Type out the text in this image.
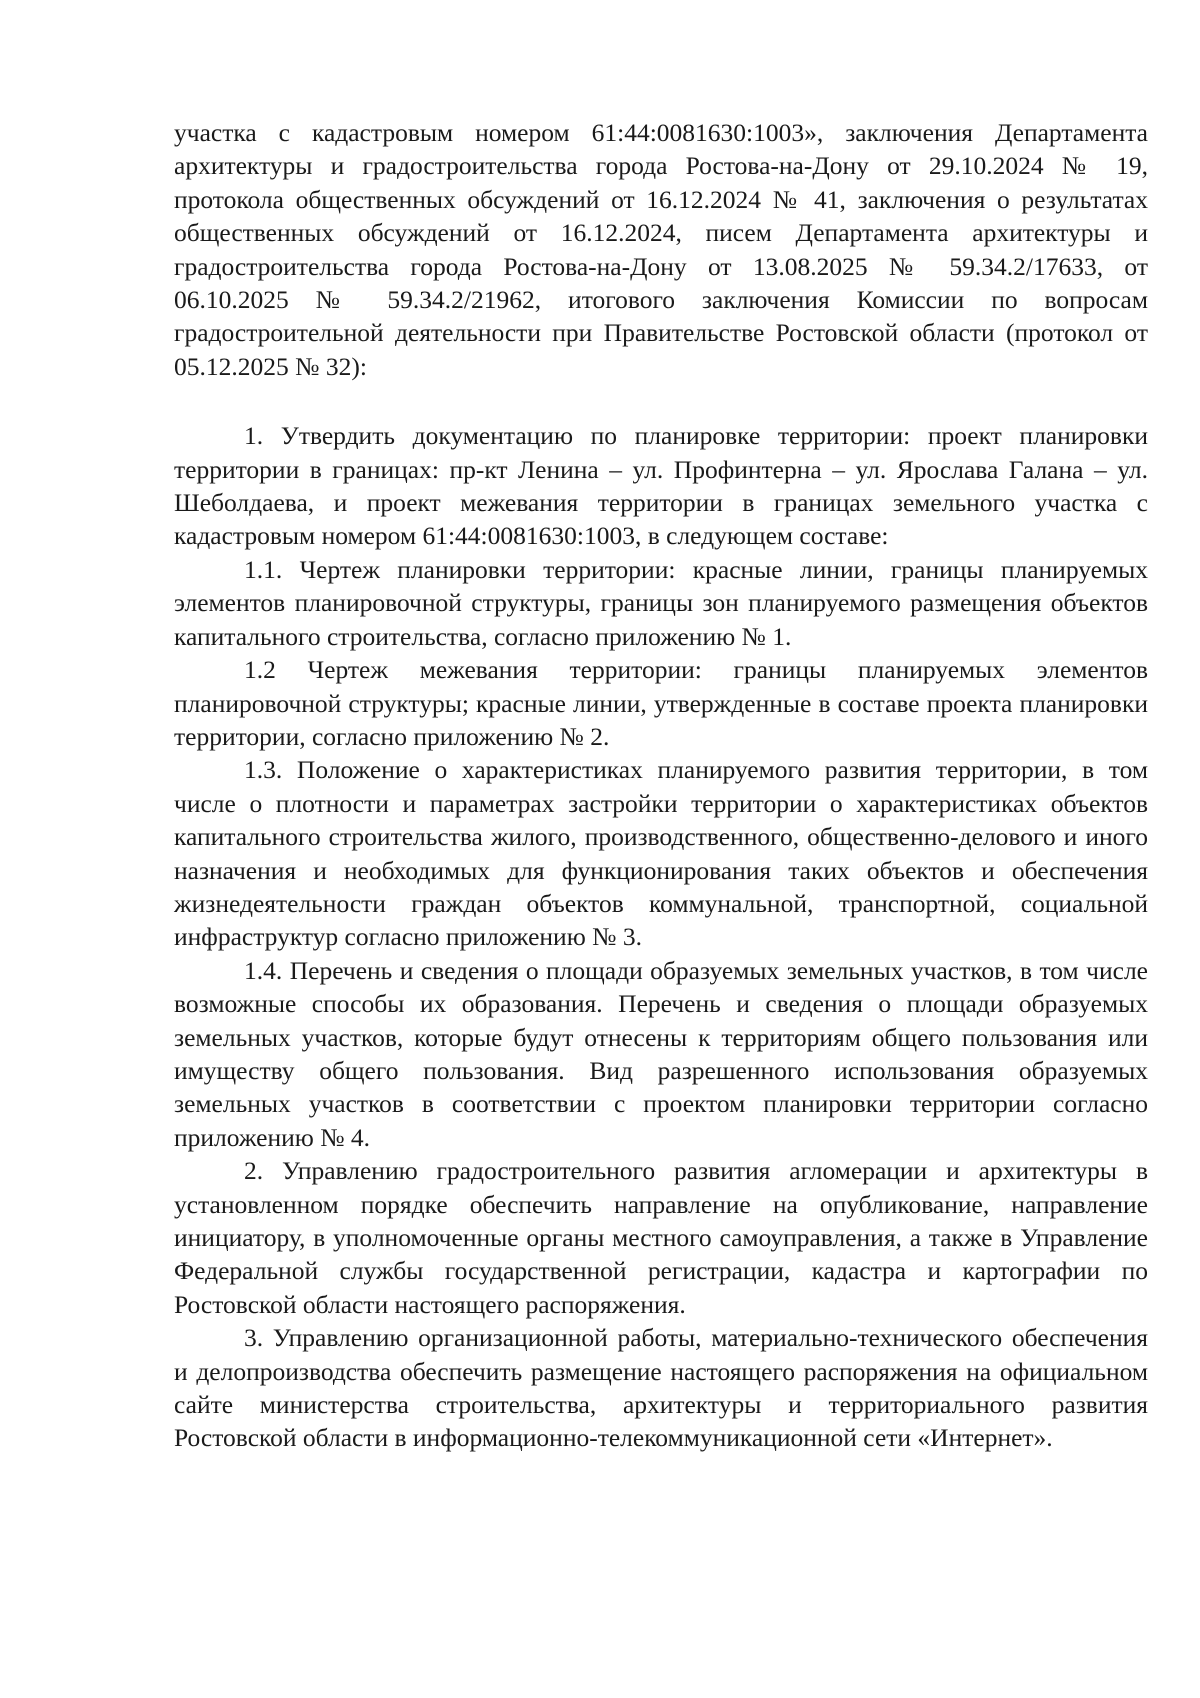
участка с кадастровым номером 61:44:0081630:1003», заключения Департамента архитектуры и градостроительства города Ростова-на-Дону от 29.10.2024 № 19, протокола общественных обсуждений от 16.12.2024 № 41, заключения о результатах общественных обсуждений от 16.12.2024, писем Департамента архитектуры и градостроительства города Ростова-на-Дону от 13.08.2025 № 59.34.2/17633, от 06.10.2025 № 59.34.2/21962, итогового заключения Комиссии по вопросам градостроительной деятельности при Правительстве Ростовской области (протокол от 05.12.2025 № 32):

1. Утвердить документацию по планировке территории: проект планировки территории в границах: пр-кт Ленина – ул. Профинтерна – ул. Ярослава Галана – ул. Шеболдаева, и проект межевания территории в границах земельного участка с кадастровым номером 61:44:0081630:1003, в следующем составе:

1.1. Чертеж планировки территории: красные линии, границы планируемых элементов планировочной структуры, границы зон планируемого размещения объектов капитального строительства, согласно приложению № 1.

1.2 Чертеж межевания территории: границы планируемых элементов планировочной структуры; красные линии, утвержденные в составе проекта планировки территории, согласно приложению № 2.

1.3. Положение о характеристиках планируемого развития территории, в том числе о плотности и параметрах застройки территории о характеристиках объектов капитального строительства жилого, производственного, общественно-делового и иного назначения и необходимых для функционирования таких объектов и обеспечения жизнедеятельности граждан объектов коммунальной, транспортной, социальной инфраструктур согласно приложению № 3.

1.4. Перечень и сведения о площади образуемых земельных участков, в том числе возможные способы их образования. Перечень и сведения о площади образуемых земельных участков, которые будут отнесены к территориям общего пользования или имуществу общего пользования. Вид разрешенного использования образуемых земельных участков в соответствии с проектом планировки территории согласно приложению № 4.

2. Управлению градостроительного развития агломерации и архитектуры в установленном порядке обеспечить направление на опубликование, направление инициатору, в уполномоченные органы местного самоуправления, а также в Управление Федеральной службы государственной регистрации, кадастра и картографии по Ростовской области настоящего распоряжения.

3. Управлению организационной работы, материально-технического обеспечения и делопроизводства обеспечить размещение настоящего распоряжения на официальном сайте министерства строительства, архитектуры и территориального развития Ростовской области в информационно-телекоммуникационной сети «Интернет».
